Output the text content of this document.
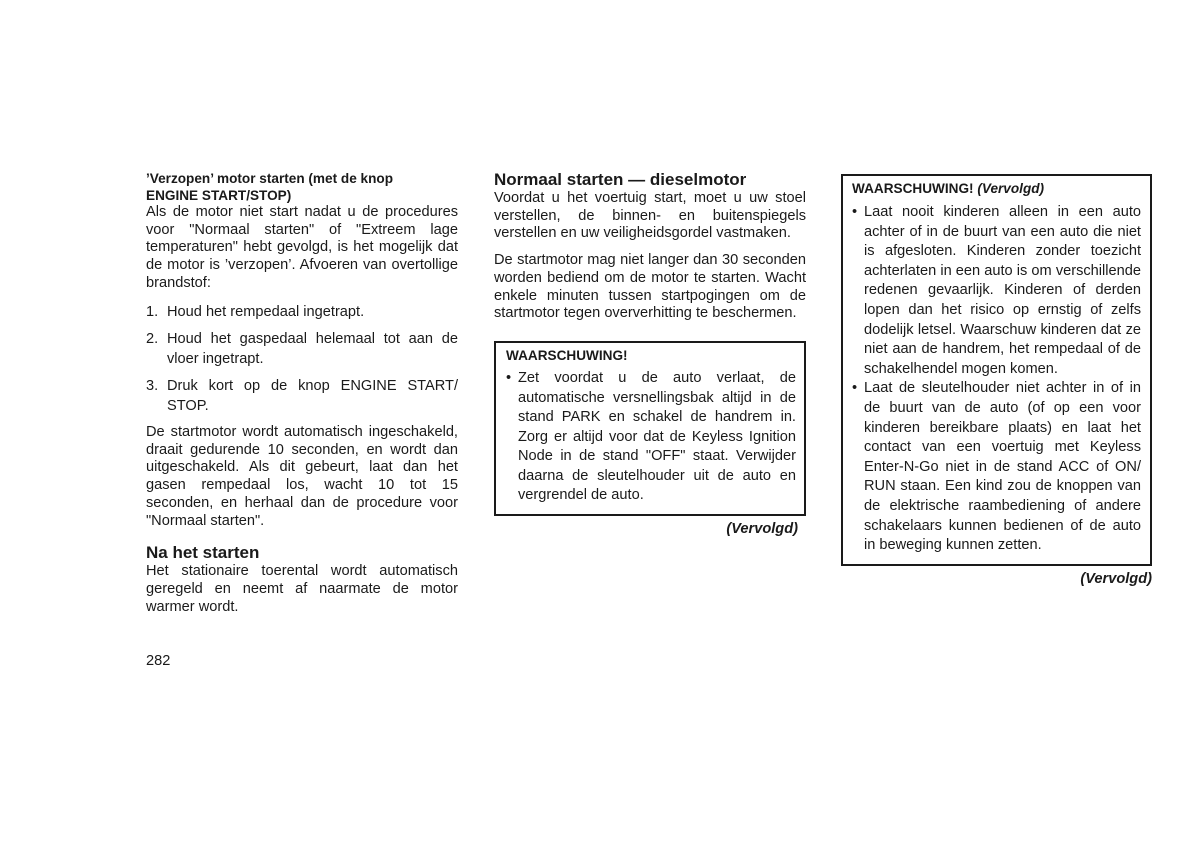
’Verzopen’ motor starten (met de knop
ENGINE START/STOP)

Als de motor niet start nadat u de procedures voor "Normaal starten" of "Extreem lage temperaturen" hebt gevolgd, is het mogelijk dat de motor is ’verzopen’. Afvoeren van overtollige brandstof:

1. Houd het rempedaal ingetrapt.
2. Houd het gaspedaal helemaal tot aan de vloer ingetrapt.
3. Druk kort op de knop ENGINE START/ STOP.

De startmotor wordt automatisch ingeschakeld, draait gedurende 10 seconden, en wordt dan uitgeschakeld. Als dit gebeurt, laat dan het gasen rempedaal los, wacht 10 tot 15 seconden, en herhaal dan de procedure voor "Normaal starten".

Na het starten

Het stationaire toerental wordt automatisch geregeld en neemt af naarmate de motor warmer wordt.

Normaal starten — dieselmotor

Voordat u het voertuig start, moet u uw stoel verstellen, de binnen- en buitenspiegels verstellen en uw veiligheidsgordel vastmaken.

De startmotor mag niet langer dan 30 seconden worden bediend om de motor te starten. Wacht enkele minuten tussen startpogingen om de startmotor tegen oververhitting te beschermen.

WAARSCHUWING!

• Zet voordat u de auto verlaat, de automatische versnellingsbak altijd in de stand PARK en schakel de handrem in. Zorg er altijd voor dat de Keyless Ignition Node in de stand "OFF" staat. Verwijder daarna de sleutelhouder uit de auto en vergrendel de auto.

(Vervolgd)

WAARSCHUWING! (Vervolgd)

• Laat nooit kinderen alleen in een auto achter of in de buurt van een auto die niet is afgesloten. Kinderen zonder toezicht achterlaten in een auto is om verschillende redenen gevaarlijk. Kinderen of derden lopen dan het risico op ernstig of zelfs dodelijk letsel. Waarschuw kinderen dat ze niet aan de handrem, het rempedaal of de schakelhendel mogen komen.
• Laat de sleutelhouder niet achter in of in de buurt van de auto (of op een voor kinderen bereikbare plaats) en laat het contact van een voertuig met Keyless Enter-N-Go niet in de stand ACC of ON/ RUN staan. Een kind zou de knoppen van de elektrische raambediening of andere schakelaars kunnen bedienen of de auto in beweging kunnen zetten.

(Vervolgd)

282
